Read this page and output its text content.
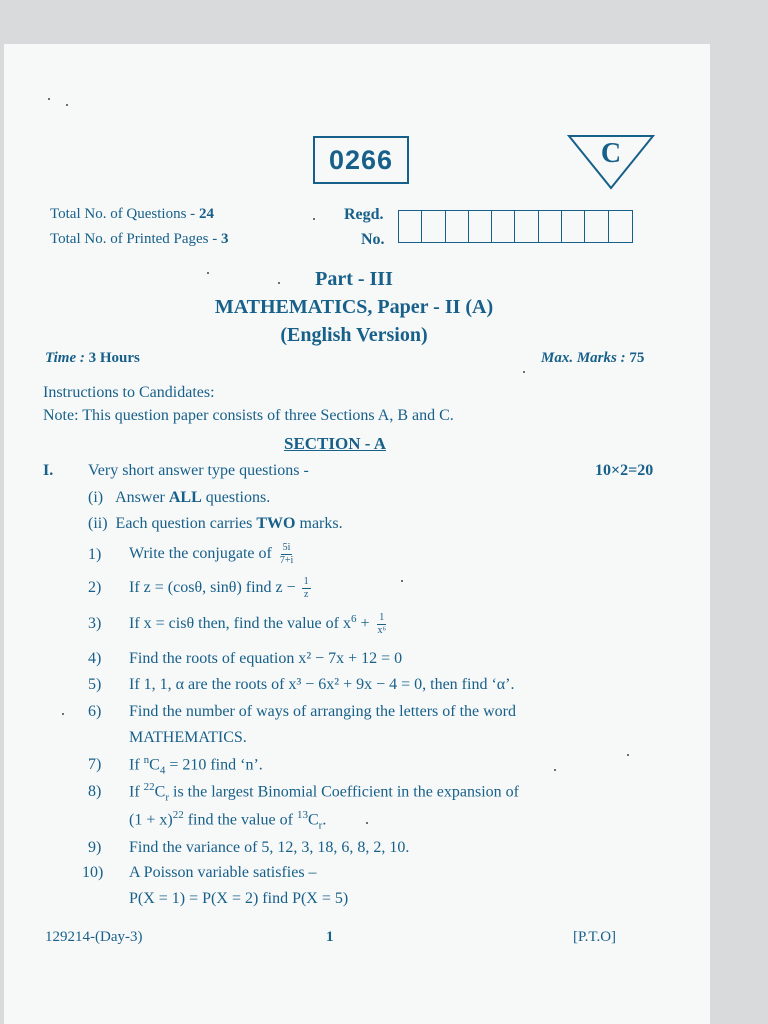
0266	C
Total No. of Questions - 24
Total No. of Printed Pages - 3
Regd.
No.
Part - III
MATHEMATICS, Paper - II (A)
(English Version)
Time : 3 Hours	Max. Marks : 75
Instructions to Candidates:
Note: This question paper consists of three Sections A, B and C.
SECTION - A
I. Very short answer type questions -	10×2=20
(i) Answer ALL questions.
(ii) Each question carries TWO marks.
1) Write the conjugate of $\frac{5i}{7+i}$
2) If z = (cosθ, sinθ) find $z - \frac{1}{z}$
3) If x = cisθ then, find the value of $x^6 + \frac{1}{\text{x⁶}}$
4) Find the roots of equation x² − 7x + 12 = 0
5) If 1, 1, α are the roots of x³ − 6x² + 9x − 4 = 0, then find ‘α’.
6) Find the number of ways of arranging the letters of the word
MATHEMATICS.
7) If $^nC_4 = 210$ find ‘n’.
8) If $^{22}C_r$ is the largest Binomial Coefficient in the expansion of
$(1 + x)^{22}$ find the value of $^{13}C_r$.
9) Find the variance of 5, 12, 3, 18, 6, 8, 2, 10.
10) A Poisson variable satisfies –
P(X = 1) = P(X = 2) find P(X = 5)
129214-(Day-3)	1	[P.T.O]
